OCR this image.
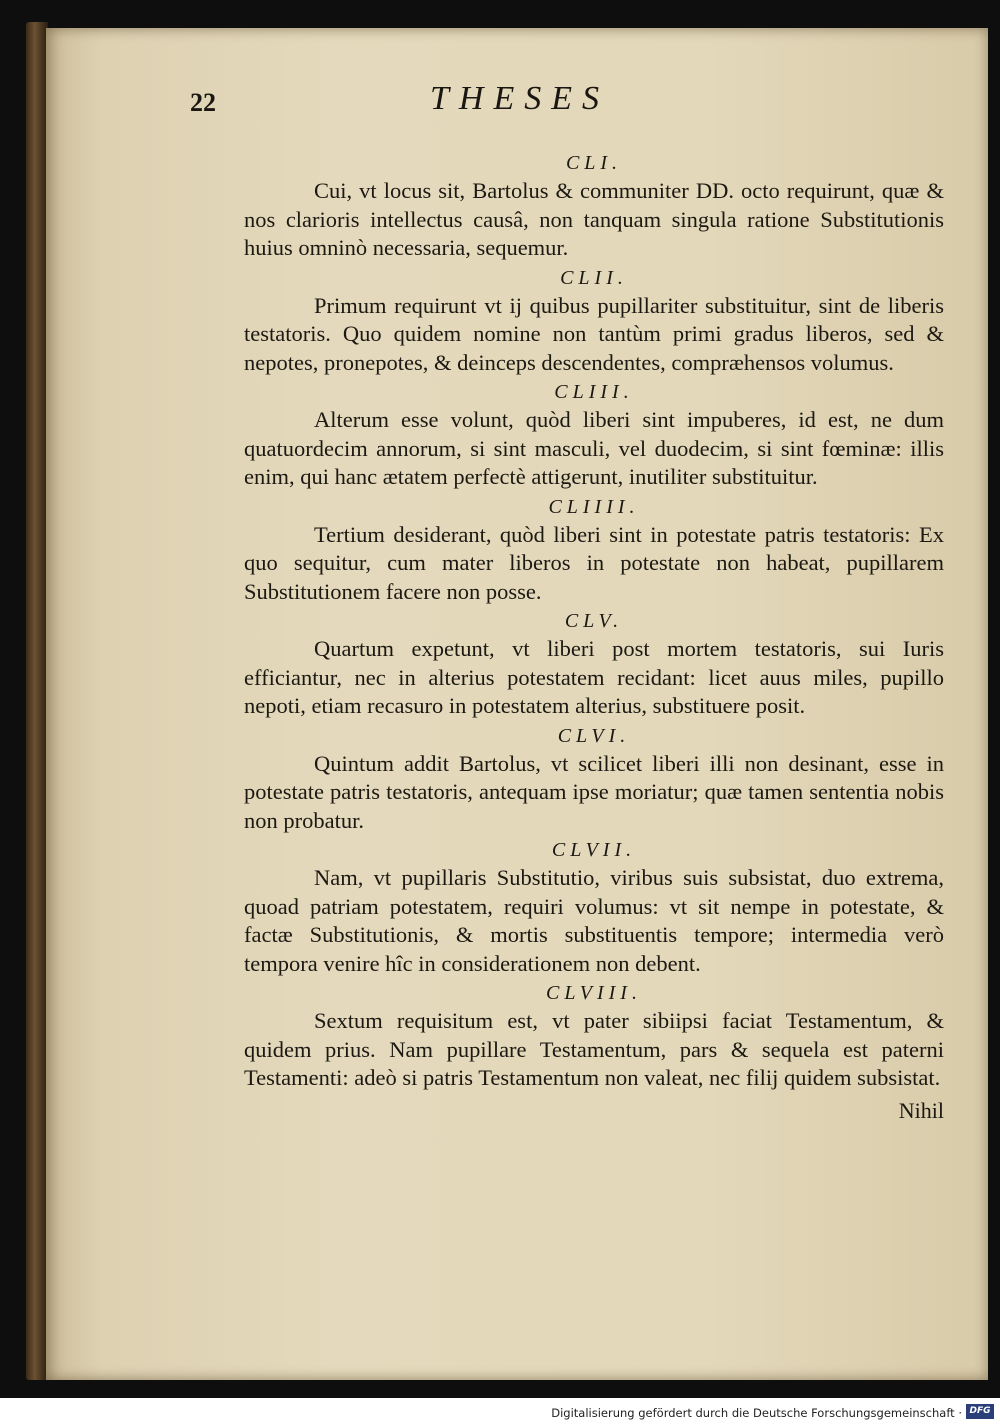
22	THESES
CLI.

Cui, vt locus sit, Bartolus & communiter DD. octo requirunt, quæ & nos clarioris intellectus causâ, non tanquam singula ratione Substitutionis huius omninò necessaria, sequemur.

CLII.

Primum requirunt vt ij quibus pupillariter substituitur, sint de liberis testatoris. Quo quidem nomine non tantùm primi gradus liberos, sed & nepotes, pronepotes, & deinceps descendentes, compræhensos volumus.

CLIII.

Alterum esse volunt, quòd liberi sint impuberes, id est, ne dum quatuordecim annorum, si sint masculi, vel duodecim, si sint fœminæ: illis enim, qui hanc ætatem perfectè attigerunt, inutiliter substituitur.

CLIIII.

Tertium desiderant, quòd liberi sint in potestate patris testatoris: Ex quo sequitur, cum mater liberos in potestate non habeat, pupillarem Substitutionem facere non posse.

CLV.

Quartum expetunt, vt liberi post mortem testatoris, sui Iuris efficiantur, nec in alterius potestatem recidant: licet auus miles, pupillo nepoti, etiam recasuro in potestatem alterius, substituere posit.

CLVI.

Quintum addit Bartolus, vt scilicet liberi illi non desinant, esse in potestate patris testatoris, antequam ipse moriatur; quæ tamen sententia nobis non probatur.

CLVII.

Nam, vt pupillaris Substitutio, viribus suis subsistat, duo extrema, quoad patriam potestatem, requiri volumus: vt sit nempe in potestate, & factæ Substitutionis, & mortis substituentis tempore; intermedia verò tempora venire hîc in considerationem non debent.

CLVIII.

Sextum requisitum est, vt pater sibiipsi faciat Testamentum, & quidem prius. Nam pupillare Testamentum, pars & sequela est paterni Testamenti: adeò si patris Testamentum non valeat, nec filij quidem subsistat.

Nihil
Digitalisierung gefördert durch die Deutsche Forschungsgemeinschaft · DFG
